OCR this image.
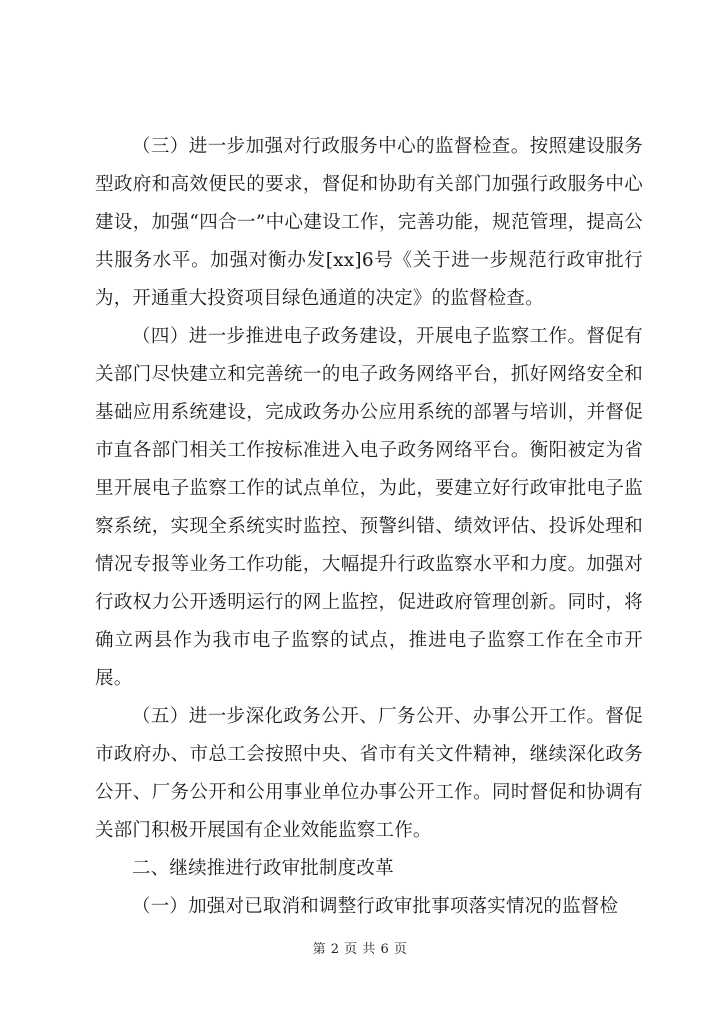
（三）进一步加强对行政服务中心的监督检查。按照建设服务型政府和高效便民的要求，督促和协助有关部门加强行政服务中心建设，加强“四合一”中心建设工作，完善功能，规范管理，提高公共服务水平。加强对衡办发[xx]6号《关于进一步规范行政审批行为，开通重大投资项目绿色通道的决定》的监督检查。

（四）进一步推进电子政务建设，开展电子监察工作。督促有关部门尽快建立和完善统一的电子政务网络平台，抓好网络安全和基础应用系统建设，完成政务办公应用系统的部署与培训，并督促市直各部门相关工作按标准进入电子政务网络平台。衡阳被定为省里开展电子监察工作的试点单位，为此，要建立好行政审批电子监察系统，实现全系统实时监控、预警纠错、绩效评估、投诉处理和情况专报等业务工作功能，大幅提升行政监察水平和力度。加强对行政权力公开透明运行的网上监控，促进政府管理创新。同时，将确立两县作为我市电子监察的试点，推进电子监察工作在全市开展。

（五）进一步深化政务公开、厂务公开、办事公开工作。督促市政府办、市总工会按照中央、省市有关文件精神，继续深化政务公开、厂务公开和公用事业单位办事公开工作。同时督促和协调有关部门积极开展国有企业效能监察工作。

二、继续推进行政审批制度改革

（一）加强对已取消和调整行政审批事项落实情况的监督检

第 2 页 共 6 页
